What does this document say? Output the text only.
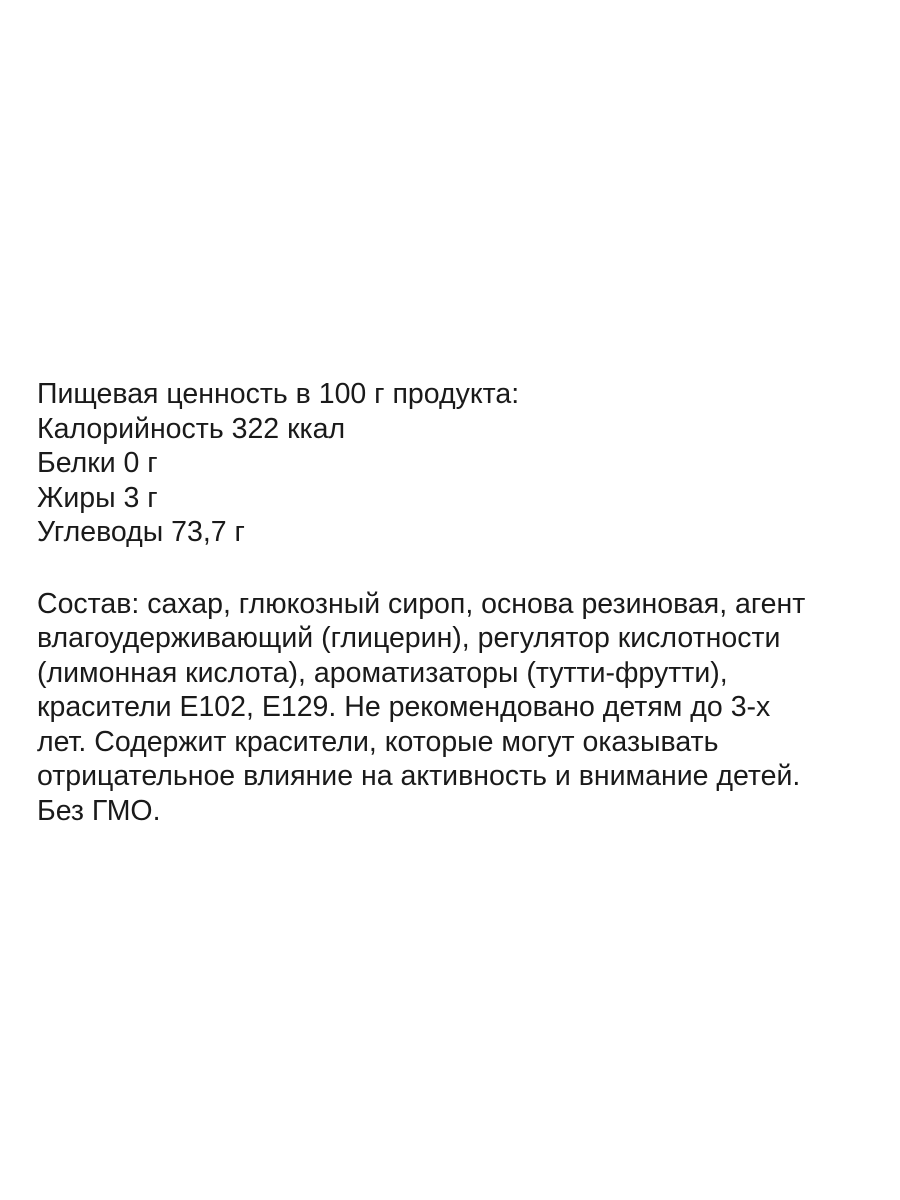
Пищевая ценность в 100 г продукта:

Калорийность 322 ккал

Белки 0 г

Жиры 3 г

Углеводы 73,7 г

Состав: сахар, глюкозный сироп, основа резиновая, агент

влагоудерживающий (глицерин), регулятор кислотности

(лимонная кислота), ароматизаторы (тутти-фрутти),

красители Е102, Е129. Не рекомендовано детям до 3-х

лет. Содержит красители, которые могут оказывать

отрицательное влияние на активность и внимание детей.

Без ГМО.
